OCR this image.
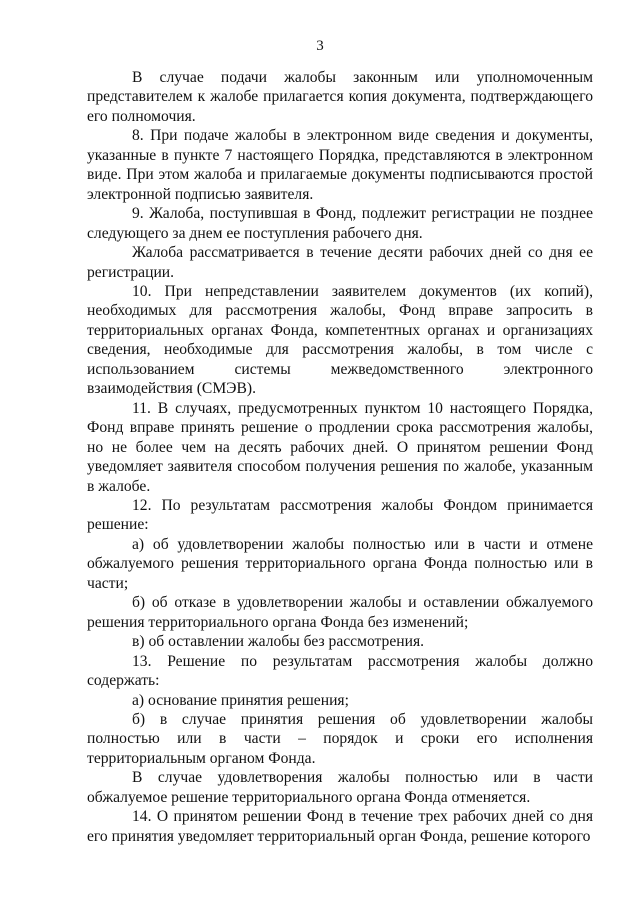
3

В случае подачи жалобы законным или уполномоченным представителем к жалобе прилагается копия документа, подтверждающего его полномочия.

8. При подаче жалобы в электронном виде сведения и документы, указанные в пункте 7 настоящего Порядка, представляются в электронном виде. При этом жалоба и прилагаемые документы подписываются простой электронной подписью заявителя.

9. Жалоба, поступившая в Фонд, подлежит регистрации не позднее следующего за днем ее поступления рабочего дня.

Жалоба рассматривается в течение десяти рабочих дней со дня ее регистрации.

10. При непредставлении заявителем документов (их копий), необходимых для рассмотрения жалобы, Фонд вправе запросить в территориальных органах Фонда, компетентных органах и организациях сведения, необходимые для рассмотрения жалобы, в том числе с использованием системы межведомственного электронного взаимодействия (СМЭВ).

11. В случаях, предусмотренных пунктом 10 настоящего Порядка, Фонд вправе принять решение о продлении срока рассмотрения жалобы, но не более чем на десять рабочих дней. О принятом решении Фонд уведомляет заявителя способом получения решения по жалобе, указанным в жалобе.

12. По результатам рассмотрения жалобы Фондом принимается решение:

а) об удовлетворении жалобы полностью или в части и отмене обжалуемого решения территориального органа Фонда полностью или в части;

б) об отказе в удовлетворении жалобы и оставлении обжалуемого решения территориального органа Фонда без изменений;

в) об оставлении жалобы без рассмотрения.

13. Решение по результатам рассмотрения жалобы должно содержать:

а) основание принятия решения;

б) в случае принятия решения об удовлетворении жалобы полностью или в части – порядок и сроки его исполнения территориальным органом Фонда.

В случае удовлетворения жалобы полностью или в части обжалуемое решение территориального органа Фонда отменяется.

14. О принятом решении Фонд в течение трех рабочих дней со дня его принятия уведомляет территориальный орган Фонда, решение которого
